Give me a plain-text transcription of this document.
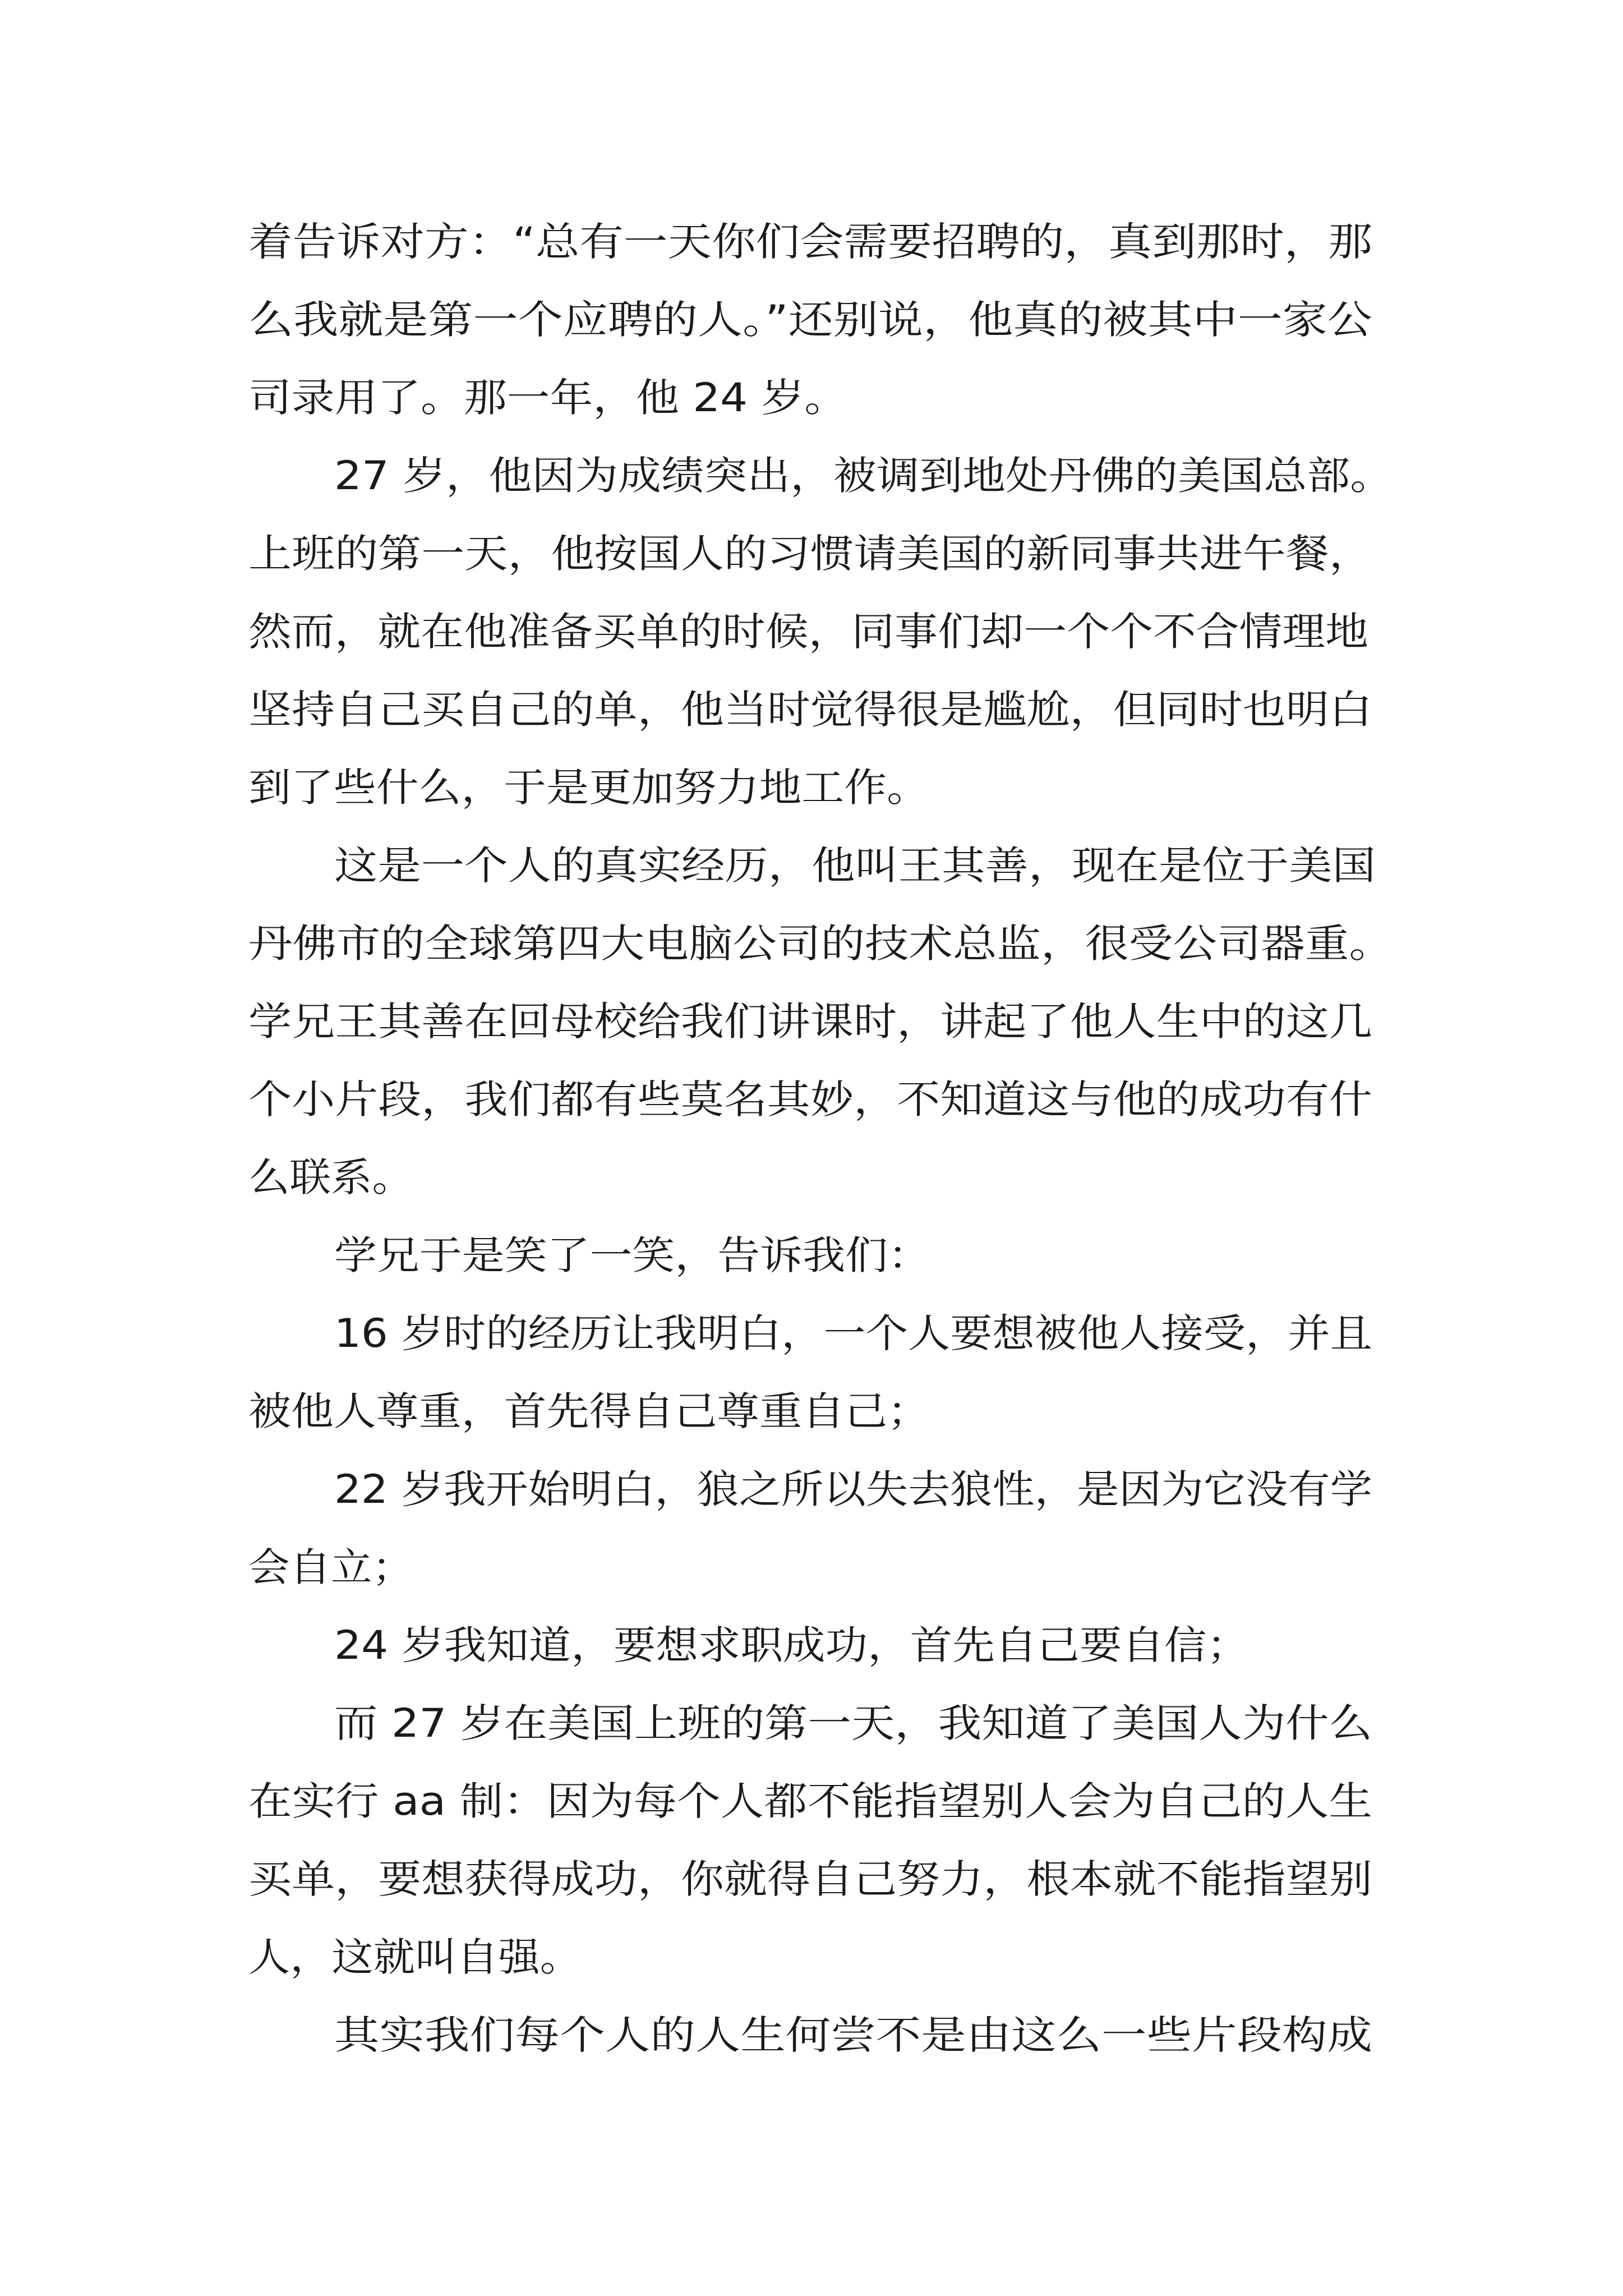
着告诉对方：“总有一天你们会需要招聘的，真到那时，那
么我就是第一个应聘的人。”还别说，他真的被其中一家公
司录用了。那一年，他 24 岁。
27 岁，他因为成绩突出，被调到地处丹佛的美国总部。
上班的第一天，他按国人的习惯请美国的新同事共进午餐，
然而，就在他准备买单的时候，同事们却一个个不合情理地
坚持自己买自己的单，他当时觉得很是尴尬，但同时也明白
到了些什么，于是更加努力地工作。
这是一个人的真实经历，他叫王其善，现在是位于美国
丹佛市的全球第四大电脑公司的技术总监，很受公司器重。
学兄王其善在回母校给我们讲课时，讲起了他人生中的这几
个小片段，我们都有些莫名其妙，不知道这与他的成功有什
么联系。
学兄于是笑了一笑，告诉我们：
16 岁时的经历让我明白，一个人要想被他人接受，并且
被他人尊重，首先得自己尊重自己；
22 岁我开始明白，狼之所以失去狼性，是因为它没有学
会自立；
24 岁我知道，要想求职成功，首先自己要自信；
而 27 岁在美国上班的第一天，我知道了美国人为什么
在实行 aa 制：因为每个人都不能指望别人会为自己的人生
买单，要想获得成功，你就得自己努力，根本就不能指望别
人，这就叫自强。
其实我们每个人的人生何尝不是由这么一些片段构成
